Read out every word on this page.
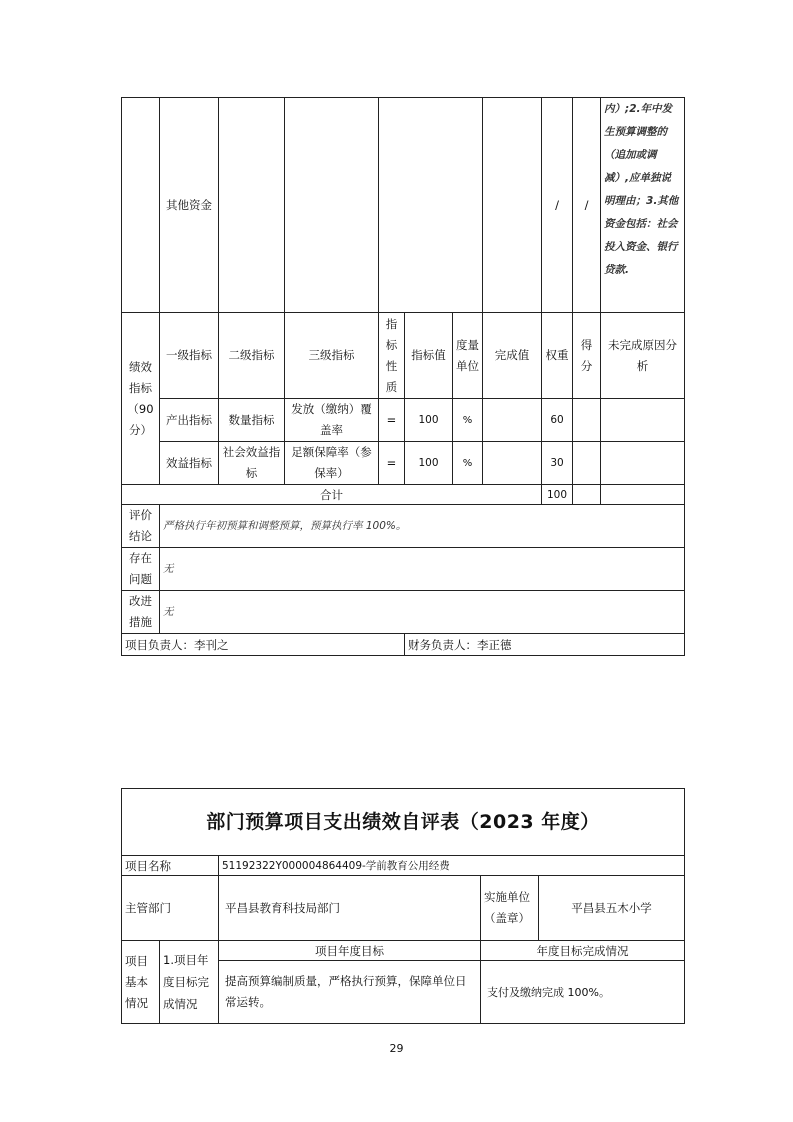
	其他资金							/	/	内）;2.年中发生预算调整的（追加或调减）,应单独说明理由；3.其他资金包括：社会投入资金、银行贷款.
绩效指标（90分）	一级指标	二级指标	三级指标	指标性质	指标值	度量单位	完成值	权重	得分	未完成原因分析
	产出指标	数量指标	发放（缴纳）覆盖率	=	100	%		60		
	效益指标	社会效益指标	足额保障率（参保率）	=	100	%		30		
合计								100		
评价结论	严格执行年初预算和调整预算，预算执行率 100%。									
存在问题	无									
改进措施	无									
项目负责人：李刊之					财务负责人：李正德					
部门预算项目支出绩效自评表（2023 年度）				
项目名称		51192322Y000004864409-学前教育公用经费		
主管部门		平昌县教育科技局部门	实施单位（盖章）	平昌县五木小学
项目基本情况	1.项目年度目标完成情况	项目年度目标	年度目标完成情况	
		提高预算编制质量，严格执行预算，保障单位日常运转。	支付及缴纳完成 100%。	
29
